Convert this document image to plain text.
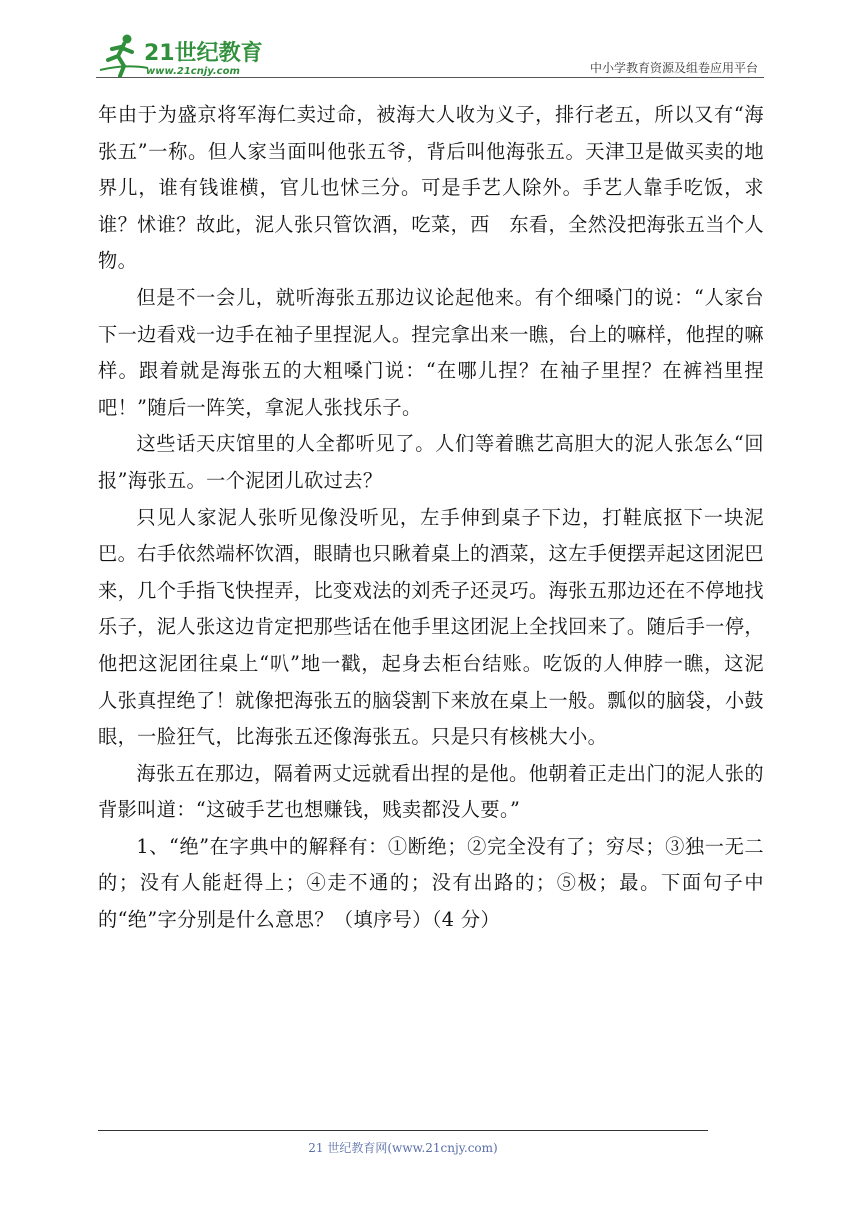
21世纪教育
www.21cnjy.com	中小学教育资源及组卷应用平台

年由于为盛京将军海仁卖过命，被海大人收为义子，排行老五，所以又有“海张五”一称。但人家当面叫他张五爷，背后叫他海张五。天津卫是做买卖的地界儿，谁有钱谁横，官儿也怵三分。可是手艺人除外。手艺人靠手吃饭，求谁？怵谁？故此，泥人张只管饮酒，吃菜，西　东看，全然没把海张五当个人物。

但是不一会儿，就听海张五那边议论起他来。有个细嗓门的说：“人家台下一边看戏一边手在袖子里捏泥人。捏完拿出来一瞧，台上的嘛样，他捏的嘛样。跟着就是海张五的大粗嗓门说：“在哪儿捏？在袖子里捏？在裤裆里捏吧！”随后一阵笑，拿泥人张找乐子。

这些话天庆馆里的人全都听见了。人们等着瞧艺高胆大的泥人张怎么“回报”海张五。一个泥团儿砍过去？

只见人家泥人张听见像没听见，左手伸到桌子下边，打鞋底抠下一块泥巴。右手依然端杯饮酒，眼睛也只瞅着桌上的酒菜，这左手便摆弄起这团泥巴来，几个手指飞快捏弄，比变戏法的刘秃子还灵巧。海张五那边还在不停地找乐子，泥人张这边肯定把那些话在他手里这团泥上全找回来了。随后手一停，他把这泥团往桌上“叭”地一戳，起身去柜台结账。吃饭的人伸脖一瞧，这泥人张真捏绝了！就像把海张五的脑袋割下来放在桌上一般。瓢似的脑袋，小鼓眼，一脸狂气，比海张五还像海张五。只是只有核桃大小。

海张五在那边，隔着两丈远就看出捏的是他。他朝着正走出门的泥人张的背影叫道：“这破手艺也想赚钱，贱卖都没人要。”

1、“绝”在字典中的解释有：①断绝；②完全没有了；穷尽；③独一无二的；没有人能赶得上；④走不通的；没有出路的；⑤极；最。下面句子中的“绝”字分别是什么意思？（填序号）（4 分）

21 世纪教育网(www.21cnjy.com)
